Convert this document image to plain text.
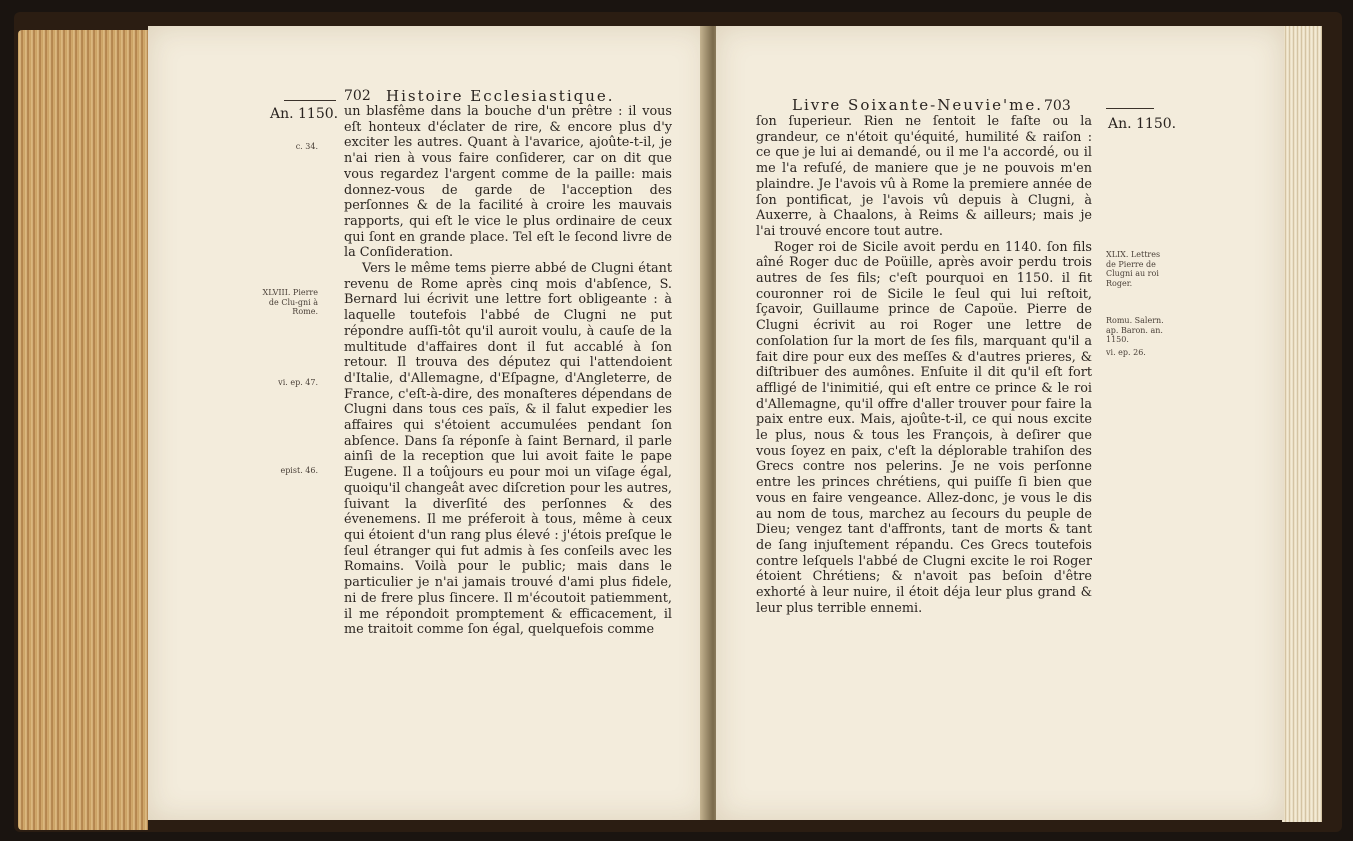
702 Histoire Ecclesiastique.
An. 1150.
c. 34.
XLVIII. Pierre de Clu-gni à Rome.
vi. ep. 47.
epist. 46.

un blasfême dans la bouche d'un prêtre : il vous eſt honteux d'éclater de rire, & encore plus d'y exciter les autres. Quant à l'avarice, ajoûte-t-il, je n'ai rien à vous faire conſiderer, car on dit que vous regardez l'argent comme de la paille: mais donnez-vous de garde de l'acception des perſonnes & de la facilité à croire les mauvais rapports, qui eſt le vice le plus ordinaire de ceux qui ſont en grande place. Tel eſt le ſecond livre de la Conſideration.

Vers le même tems pierre abbé de Clugni étant revenu de Rome après cinq mois d'abſence, S. Bernard lui écrivit une lettre fort obligeante : à laquelle toutefois l'abbé de Clugni ne put répondre auſſi-tôt qu'il auroit voulu, à cauſe de la multitude d'affaires dont il fut accablé à ſon retour. Il trouva des députez qui l'attendoient d'Italie, d'Allemagne, d'Eſpagne, d'Angleterre, de France, c'eſt-à-dire, des monaſteres dépendans de Clugni dans tous ces païs, & il falut expedier les affaires qui s'étoient accumulées pendant ſon abſence. Dans ſa réponſe à ſaint Bernard, il parle ainſi de la reception que lui avoit faite le pape Eugene. Il a toûjours eu pour moi un viſage égal, quoiqu'il changeât avec diſcretion pour les autres, ſuivant la diverſité des perſonnes & des évenemens. Il me préferoit à tous, même à ceux qui étoient d'un rang plus élevé : j'étois preſque le ſeul étranger qui fut admis à ſes conſeils avec les Romains. Voilà pour le public; mais dans le particulier je n'ai jamais trouvé d'ami plus fidele, ni de frere plus ſincere. Il m'écoutoit patiemment, il me répondoit promptement & efficacement, il me traitoit comme ſon égal, quelquefois comme

Livre Soixante-Neuvie'me. 703
An. 1150.
XLIX. Lettres de Pierre de Clugni au roi Roger.
Romu. Salern. ap. Baron. an. 1150.
vi. ep. 26.

ſon ſuperieur. Rien ne ſentoit le faſte ou la grandeur, ce n'étoit qu'équité, humilité & raiſon : ce que je lui ai demandé, ou il me l'a accordé, ou il me l'a refuſé, de maniere que je ne pouvois m'en plaindre. Je l'avois vû à Rome la premiere année de ſon pontificat, je l'avois vû depuis à Clugni, à Auxerre, à Chaalons, à Reims & ailleurs; mais je l'ai trouvé encore tout autre.

Roger roi de Sicile avoit perdu en 1140. ſon fils aîné Roger duc de Poüille, après avoir perdu trois autres de ſes fils; c'eſt pourquoi en 1150. il fit couronner roi de Sicile le ſeul qui lui reſtoit, ſçavoir, Guillaume prince de Capoüe. Pierre de Clugni écrivit au roi Roger une lettre de conſolation ſur la mort de ſes fils, marquant qu'il a fait dire pour eux des meſſes & d'autres prieres, & diſtribuer des aumônes. Enſuite il dit qu'il eſt fort affligé de l'inimitié, qui eſt entre ce prince & le roi d'Allemagne, qu'il offre d'aller trouver pour faire la paix entre eux. Mais, ajoûte-t-il, ce qui nous excite le plus, nous & tous les François, à deſirer que vous ſoyez en paix, c'eſt la déplorable trahiſon des Grecs contre nos pelerins. Je ne vois perſonne entre les princes chrétiens, qui puiſſe ſi bien que vous en faire vengeance. Allez-donc, je vous le dis au nom de tous, marchez au ſecours du peuple de Dieu; vengez tant d'affronts, tant de morts & tant de ſang injuſtement répandu. Ces Grecs toutefois contre leſquels l'abbé de Clugni excite le roi Roger étoient Chrétiens; & n'avoit pas beſoin d'être exhorté à leur nuire, il étoit déja leur plus grand & leur plus terrible ennemi.
